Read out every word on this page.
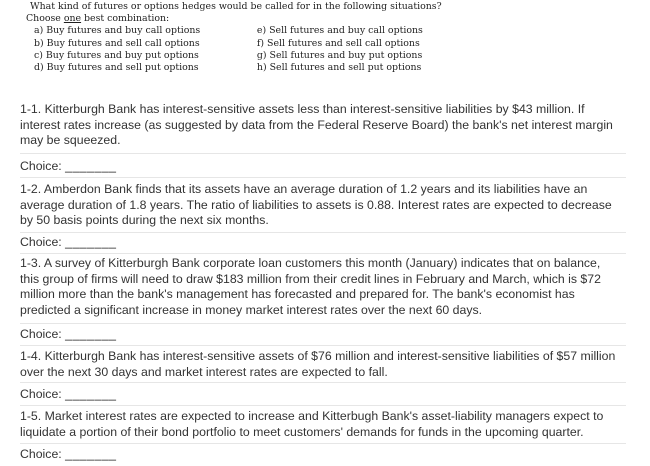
What kind of futures or options hedges would be called for in the following situations?
Choose one best combination:
a) Buy futures and buy call options
b) Buy futures and sell call options
c) Buy futures and buy put options
d) Buy futures and sell put options
e) Sell futures and buy call options
f) Sell futures and sell call options
g) Sell futures and buy put options
h) Sell futures and sell put options
1-1. Kitterburgh Bank has interest-sensitive assets less than interest-sensitive liabilities by $43 million. If interest rates increase (as suggested by data from the Federal Reserve Board) the bank's net interest margin may be squeezed.
Choice: _______
1-2. Amberdon Bank finds that its assets have an average duration of 1.2 years and its liabilities have an average duration of 1.8 years. The ratio of liabilities to assets is 0.88. Interest rates are expected to decrease by 50 basis points during the next six months.
Choice: _______
1-3. A survey of Kitterburgh Bank corporate loan customers this month (January) indicates that on balance, this group of firms will need to draw $183 million from their credit lines in February and March, which is $72 million more than the bank's management has forecasted and prepared for. The bank's economist has predicted a significant increase in money market interest rates over the next 60 days.
Choice: _______
1-4. Kitterburgh Bank has interest-sensitive assets of $76 million and interest-sensitive liabilities of $57 million over the next 30 days and market interest rates are expected to fall.
Choice: _______
1-5. Market interest rates are expected to increase and Kitterbugh Bank's asset-liability managers expect to liquidate a portion of their bond portfolio to meet customers' demands for funds in the upcoming quarter.
Choice: _______
